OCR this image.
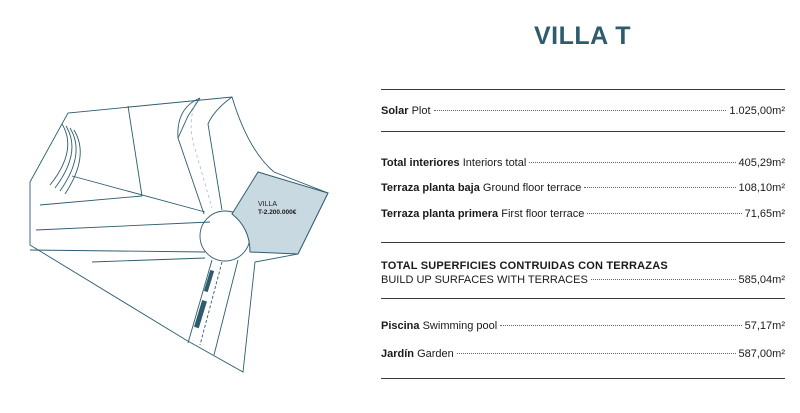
VILLA
T-2.200.000€
VILLA T
Solar Plot	1.025,00m²
Total interiores Interiors total	405,29m²
Terraza planta baja Ground floor terrace	108,10m²
Terraza planta primera First floor terrace	71,65m²

TOTAL SUPERFICIES CONTRUIDAS CON TERRAZAS

BUILD UP SURFACES WITH TERRACES	585,04m²
Piscina Swimming pool	57,17m²
Jardín Garden	587,00m²
